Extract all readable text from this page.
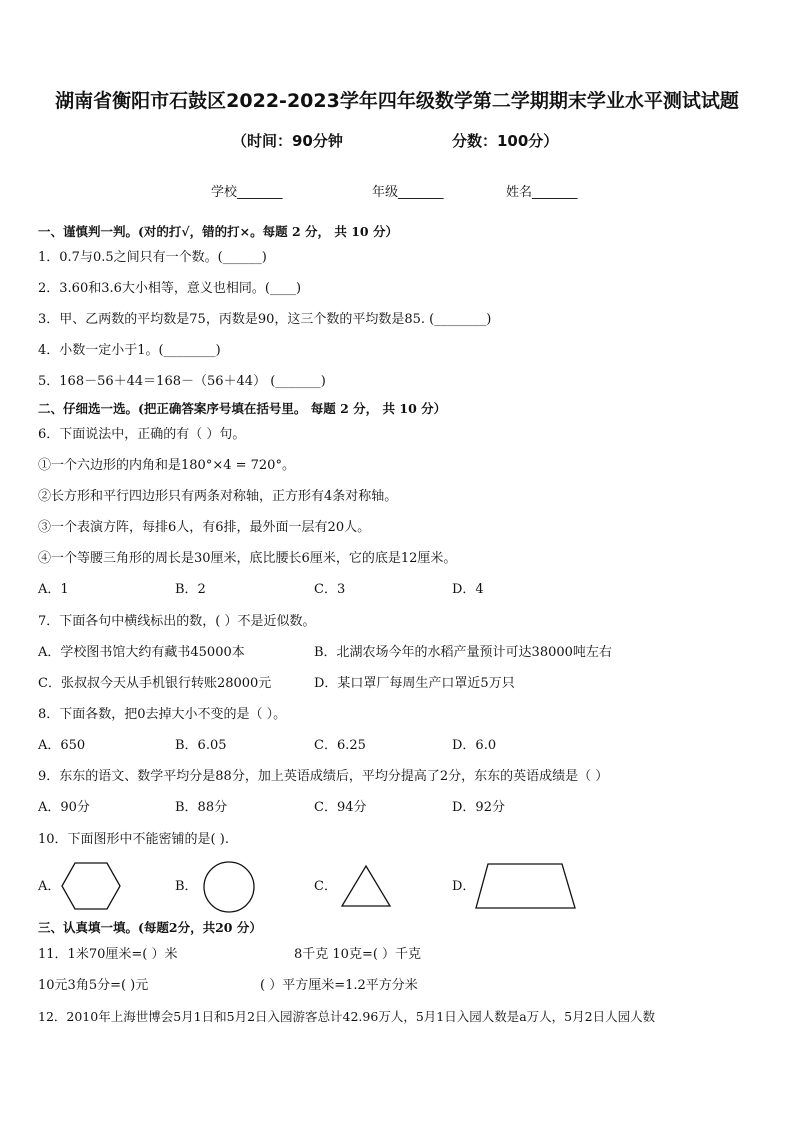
湖南省衡阳市石鼓区2022-2023学年四年级数学第二学期期末学业水平测试试题
（时间：90分钟	分数：100分）
学校_______	年级_______	姓名_______
一、谨慎判一判。(对的打√，错的打×。每题 2 分， 共 10 分）
1．0.7与0.5之间只有一个数。(______)
2．3.60和3.6大小相等，意义也相同。(____)
3．甲、乙两数的平均数是75，丙数是90，这三个数的平均数是85. (________)
4．小数一定小于1。(________)
5．168－56＋44＝168－（56＋44） (_______)
二、仔细选一选。(把正确答案序号填在括号里。 每题 2 分， 共 10 分）
6．下面说法中，正确的有（ ）句。
①一个六边形的内角和是180°×4 = 720°。
②长方形和平行四边形只有两条对称轴，正方形有4条对称轴。
③一个表演方阵，每排6人，有6排，最外面一层有20人。
④一个等腰三角形的周长是30厘米，底比腰长6厘米，它的底是12厘米。
A．1	B．2	C．3	D．4
7．下面各句中横线标出的数，( ）不是近似数。
A．学校图书馆大约有藏书45000本	B．北湖农场今年的水稻产量预计可达38000吨左右
C．张叔叔今天从手机银行转账28000元	D．某口罩厂每周生产口罩近5万只
8．下面各数，把0去掉大小不变的是（ ）。
A．650	B．6.05	C．6.25	D．6.0
9．东东的语文、数学平均分是88分，加上英语成绩后，平均分提高了2分，东东的英语成绩是（ ）
A．90分	B．88分	C．94分	D．92分
10．下面图形中不能密铺的是( ).
A．	B．	C．	D．
三、认真填一填。(每题2分，共20 分）
11．1米70厘米=( ）米	8千克 10克=( ）千克
10元3角5分=( )元	( ）平方厘米=1.2平方分米
12．2010年上海世博会5月1日和5月2日入园游客总计42.96万人，5月1日入园人数是a万人，5月2日人园人数
